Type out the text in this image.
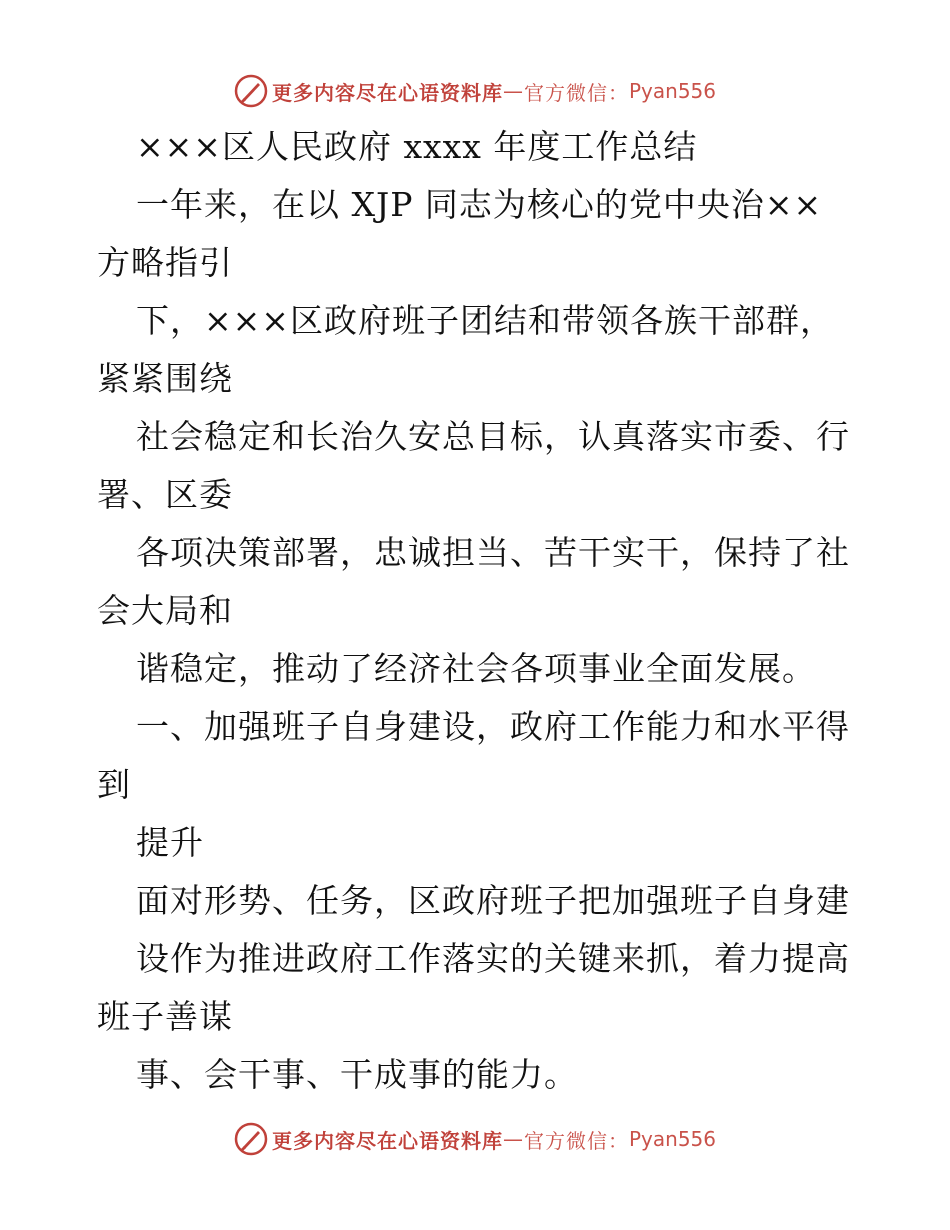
更多内容尽在心语资料库 — 官方微信： Pyan556
×××区人民政府 xxxx 年度工作总结
一年来，在以 XJP 同志为核心的党中央治××
方略指引
下，×××区政府班子团结和带领各族干部群，
紧紧围绕
社会稳定和长治久安总目标，认真落实市委、行
署、区委
各项决策部署，忠诚担当、苦干实干，保持了社
会大局和
谐稳定，推动了经济社会各项事业全面发展。
一、加强班子自身建设，政府工作能力和水平得
到
提升
面对形势、任务，区政府班子把加强班子自身建
设作为推进政府工作落实的关键来抓，着力提高
班子善谋
事、会干事、干成事的能力。
更多内容尽在心语资料库 — 官方微信： Pyan556
